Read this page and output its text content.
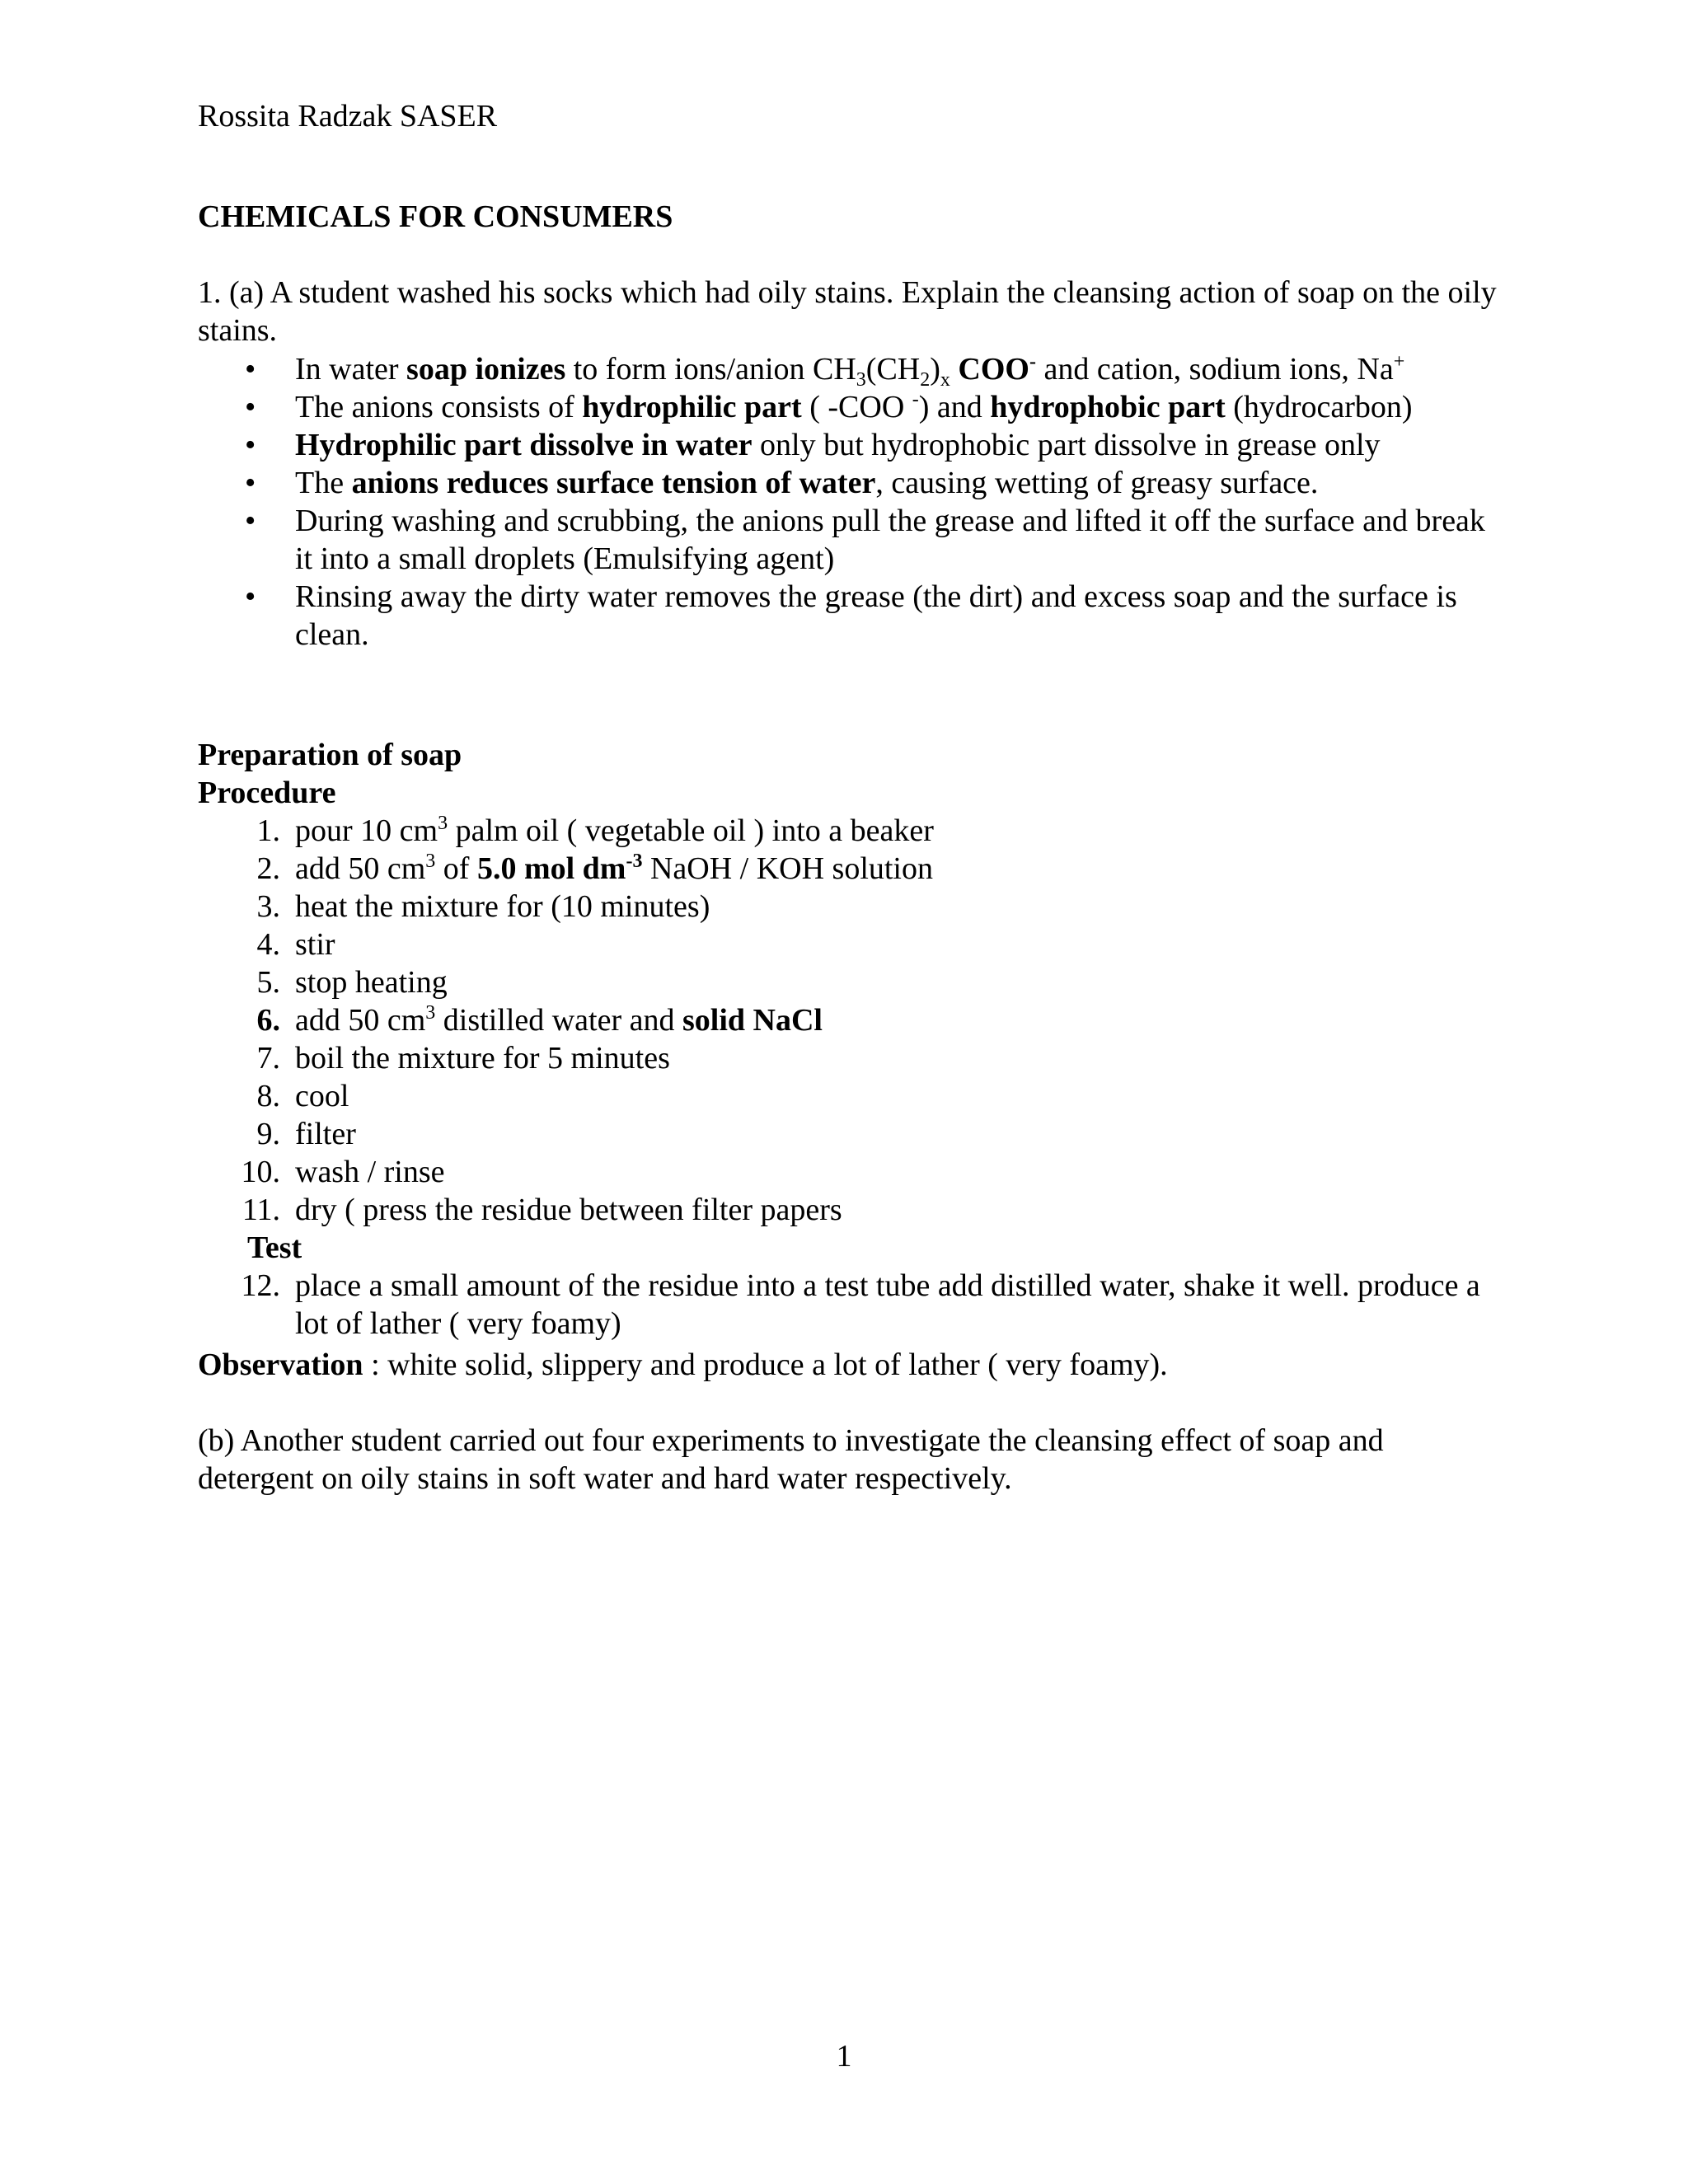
Rossita Radzak SASER

CHEMICALS FOR CONSUMERS

1. (a) A student washed his socks which had oily stains. Explain the cleansing action of soap on the oily stains.

• In water soap ionizes to form ions/anion $CH_3(CH_2)_x$ COO- and cation, sodium ions, Na+
• The anions consists of hydrophilic part ( -COO -) and hydrophobic part (hydrocarbon)
• Hydrophilic part dissolve in water only but hydrophobic part dissolve in grease only
• The anions reduces surface tension of water, causing wetting of greasy surface.
• During washing and scrubbing, the anions pull the grease and lifted it off the surface and break it into a small droplets (Emulsifying agent)
• Rinsing away the dirty water removes the grease (the dirt) and excess soap and the surface is clean.

Preparation of soap

Procedure

1. pour 10 $cm^3$ palm oil ( vegetable oil ) into a beaker
2. add 50 $cm^3$ of 5.0 mol $dm^{-3}$ NaOH / KOH solution
3. heat the mixture for (10 minutes)
4. stir
5. stop heating
6. add 50 $cm^3$ distilled water and solid NaCl
7. boil the mixture for 5 minutes
8. cool
9. filter
10. wash / rinse
11. dry ( press the residue between filter papers
Test
12. place a small amount of the residue into a test tube add distilled water, shake it well. produce a lot of lather ( very foamy)

Observation : white solid, slippery and produce a lot of lather ( very foamy).

(b) Another student carried out four experiments to investigate the cleansing effect of soap and detergent on oily stains in soft water and hard water respectively.

1
